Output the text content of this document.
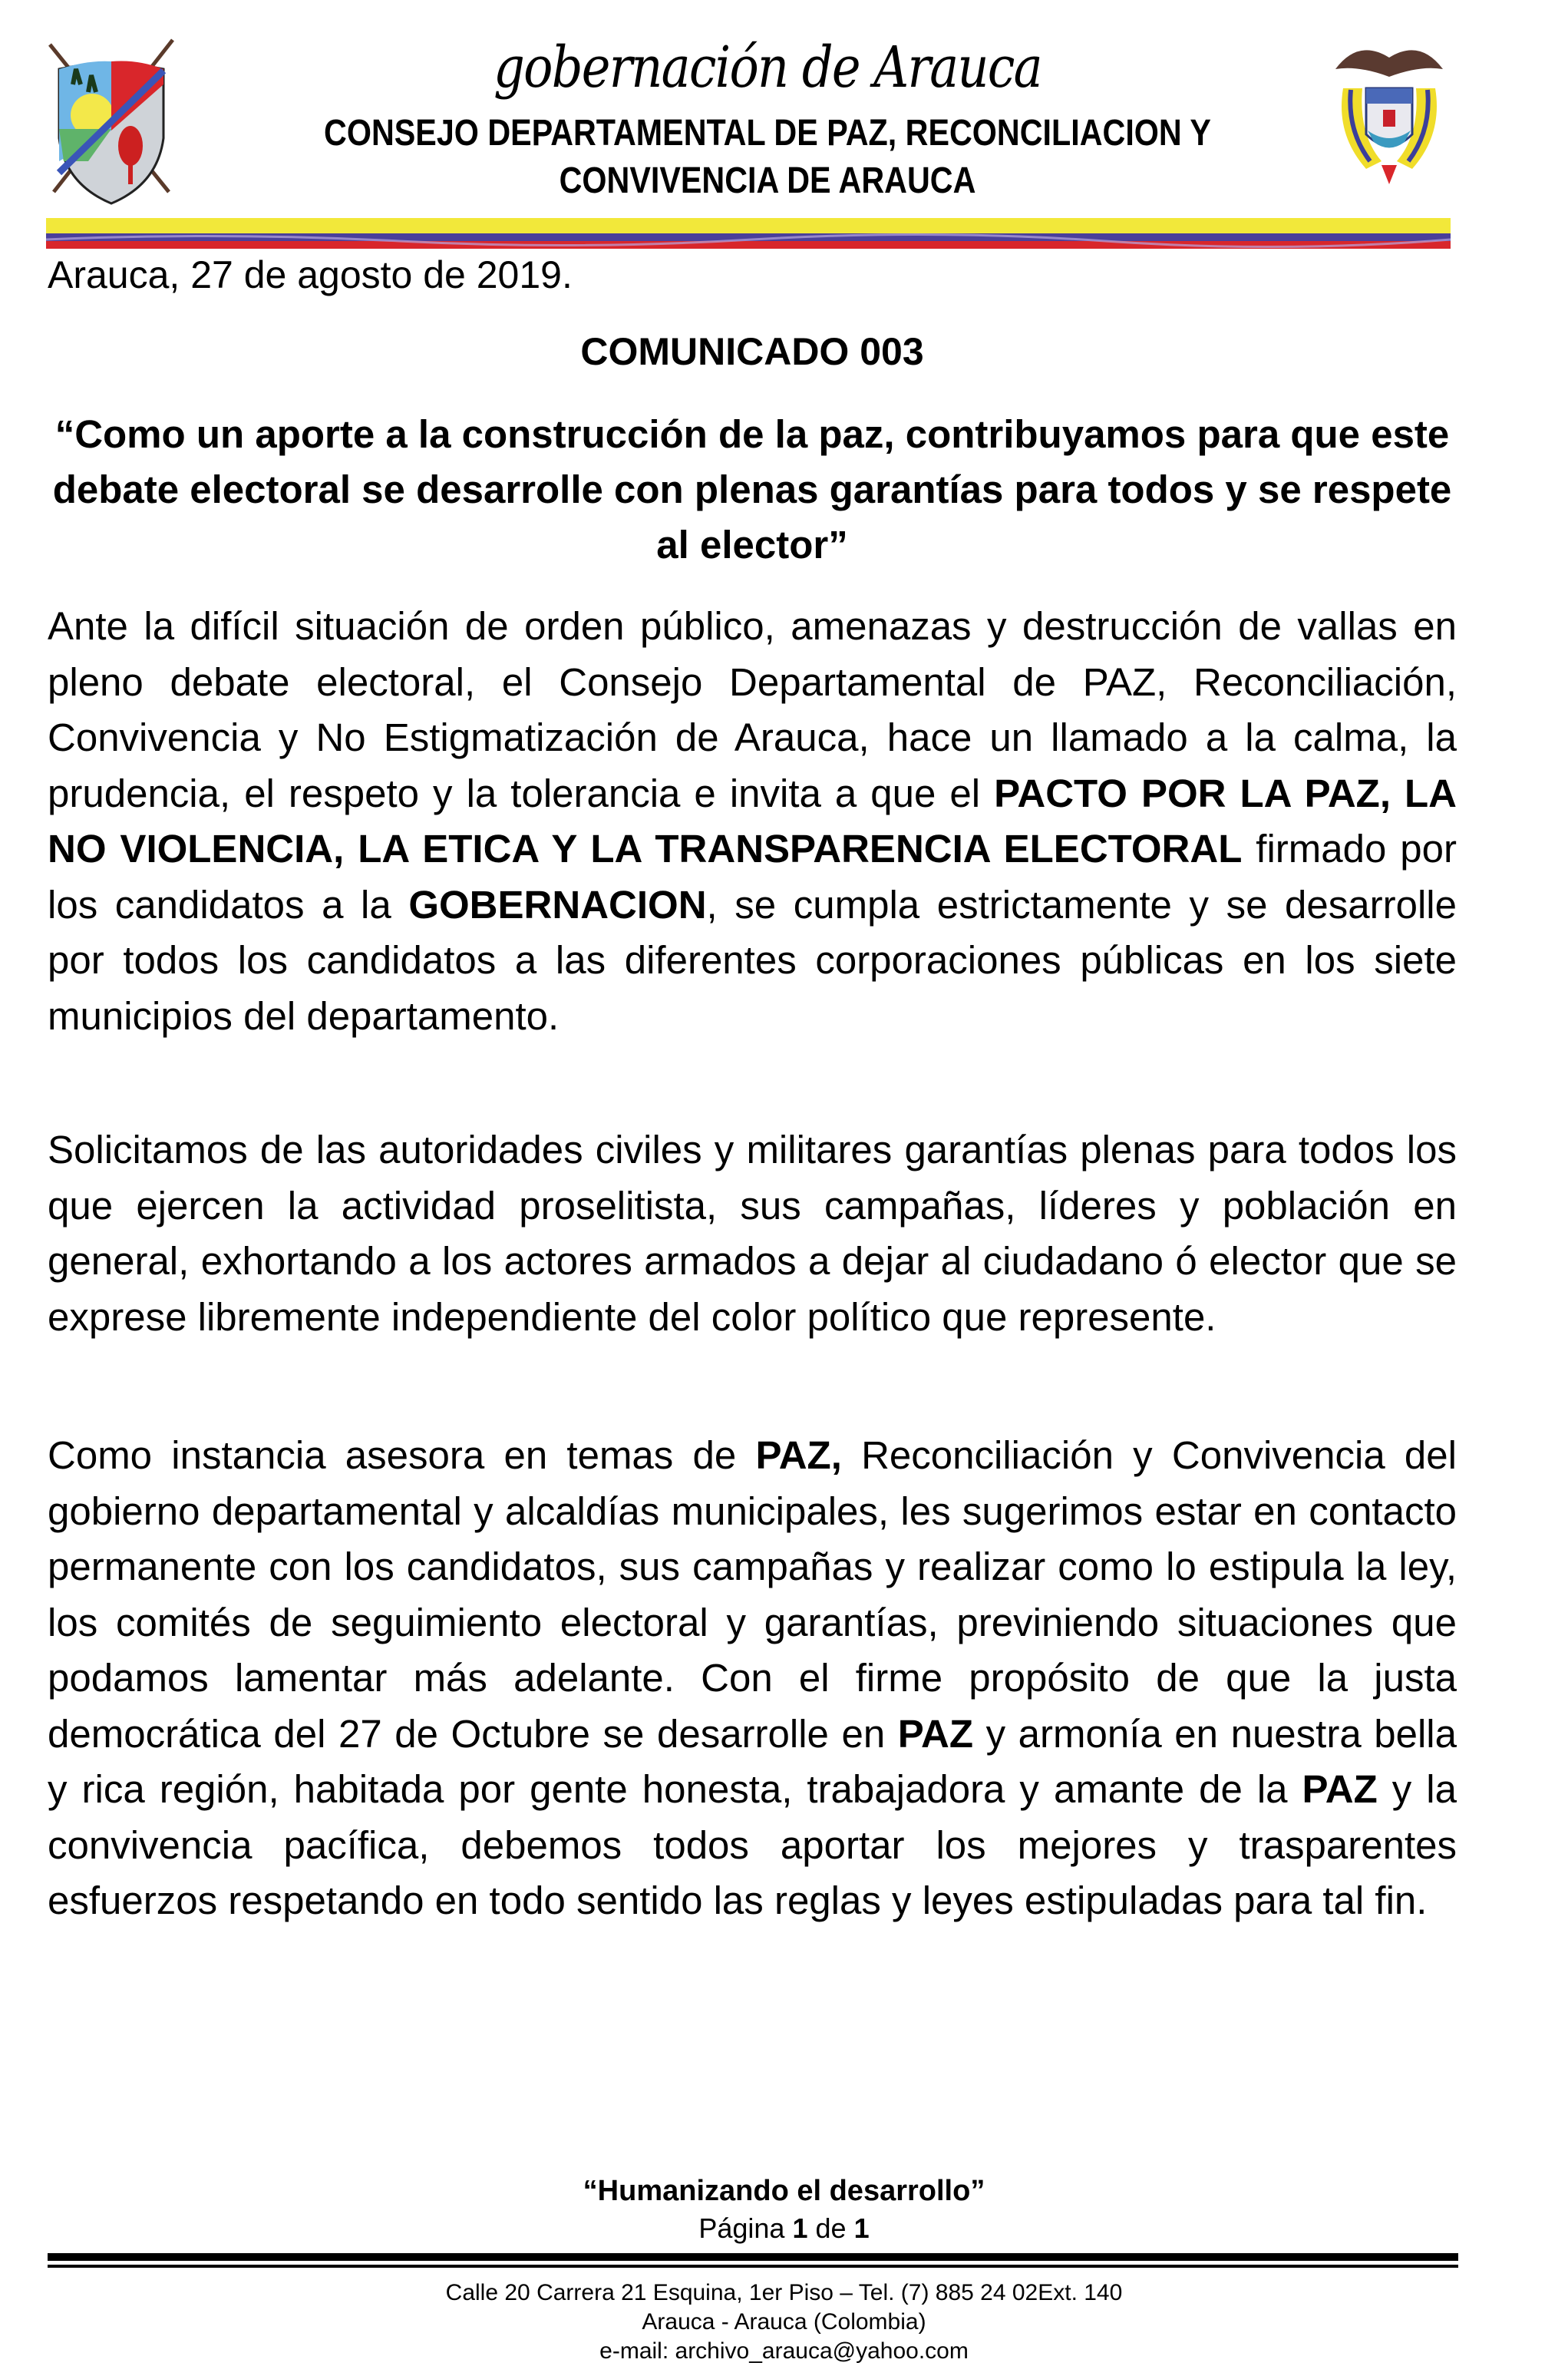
gobernación de Arauca
CONSEJO DEPARTAMENTAL DE PAZ, RECONCILIACION Y
CONVIVENCIA DE ARAUCA
Arauca, 27 de agosto de 2019.
COMUNICADO 003
“Como un aporte a la construcción de la paz, contribuyamos para que este debate electoral se desarrolle con plenas garantías para todos y se respete al elector”
Ante la difícil situación de orden público, amenazas y destrucción de vallas en pleno debate electoral, el Consejo Departamental de PAZ, Reconciliación, Convivencia y No Estigmatización de Arauca, hace un llamado a la calma, la prudencia, el respeto y la tolerancia e invita a que el PACTO POR LA PAZ, LA NO VIOLENCIA, LA ETICA Y LA TRANSPARENCIA ELECTORAL firmado por los candidatos a la GOBERNACION, se cumpla estrictamente y se desarrolle por todos los candidatos a las diferentes corporaciones públicas en los siete municipios del departamento.
Solicitamos de las autoridades civiles y militares garantías plenas para todos los que ejercen la actividad proselitista, sus campañas, líderes y población en general, exhortando a los actores armados a dejar al ciudadano ó elector que se exprese libremente independiente del color político que represente.
Como instancia asesora en temas de PAZ, Reconciliación y Convivencia del gobierno departamental y alcaldías municipales, les sugerimos estar en contacto permanente con los candidatos, sus campañas y realizar como lo estipula la ley, los comités de seguimiento electoral y garantías, previniendo situaciones que podamos lamentar más adelante. Con el firme propósito de que la justa democrática del 27 de Octubre se desarrolle en PAZ y armonía en nuestra bella y rica región, habitada por gente honesta, trabajadora y amante de la PAZ y la convivencia pacífica, debemos todos aportar los mejores y trasparentes esfuerzos respetando en todo sentido las reglas y leyes estipuladas para tal fin.
“Humanizando el desarrollo”
Página 1 de 1
Calle 20 Carrera 21 Esquina, 1er Piso – Tel. (7) 885 24 02Ext. 140
Arauca - Arauca (Colombia)
e-mail: archivo_arauca@yahoo.com
